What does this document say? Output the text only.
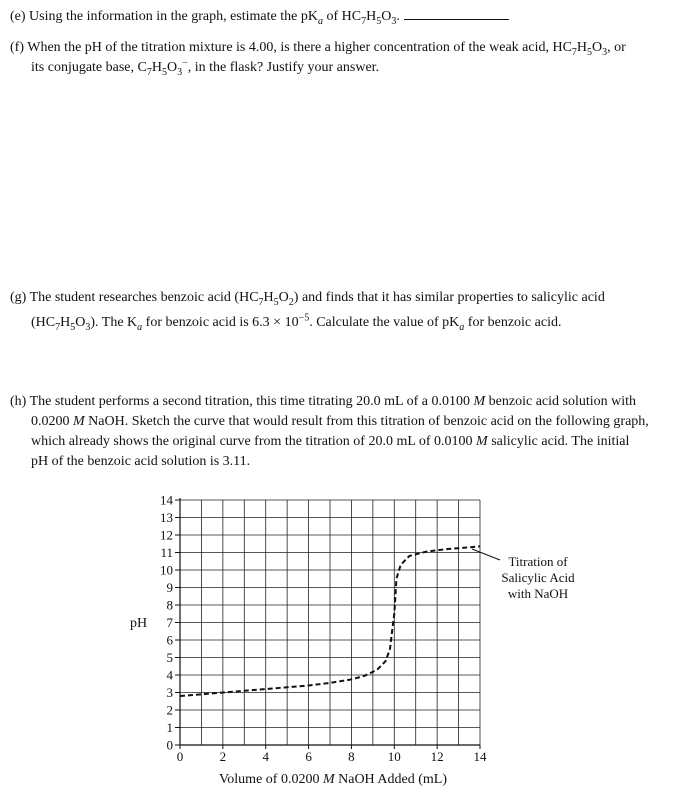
(e) Using the information in the graph, estimate the $pK_a$ of $HC_7H_5O_3$.
(f) When the pH of the titration mixture is 4.00, is there a higher concentration of the weak acid, $HC_7H_5O_3$, or
its conjugate base, $C_7H_5O_3^-$, in the flask? Justify your answer.
(g) The student researches benzoic acid $(HC_7H_5O_2)$ and finds that it has similar properties to salicylic acid
$(HC_7H_5O_3)$. The $K_a$ for benzoic acid is $6.3 \times 10^{-5}$. Calculate the value of $pK_a$ for benzoic acid.
(h) The student performs a second titration, this time titrating 20.0 mL of a 0.0100 M benzoic acid solution with
0.0200 M NaOH. Sketch the curve that would result from this titration of benzoic acid on the following graph,
which already shows the original curve from the titration of 20.0 mL of 0.0100 M salicylic acid. The initial
pH of the benzoic acid solution is 3.11.
0
1
2
3
4
5
6
7
8
9
10
11
12
13
14
0	2	4	6	8	10 12 14
pH
Volume of 0.0200 M NaOH Added (mL)
Titration of
Salicylic Acid
with NaOH
